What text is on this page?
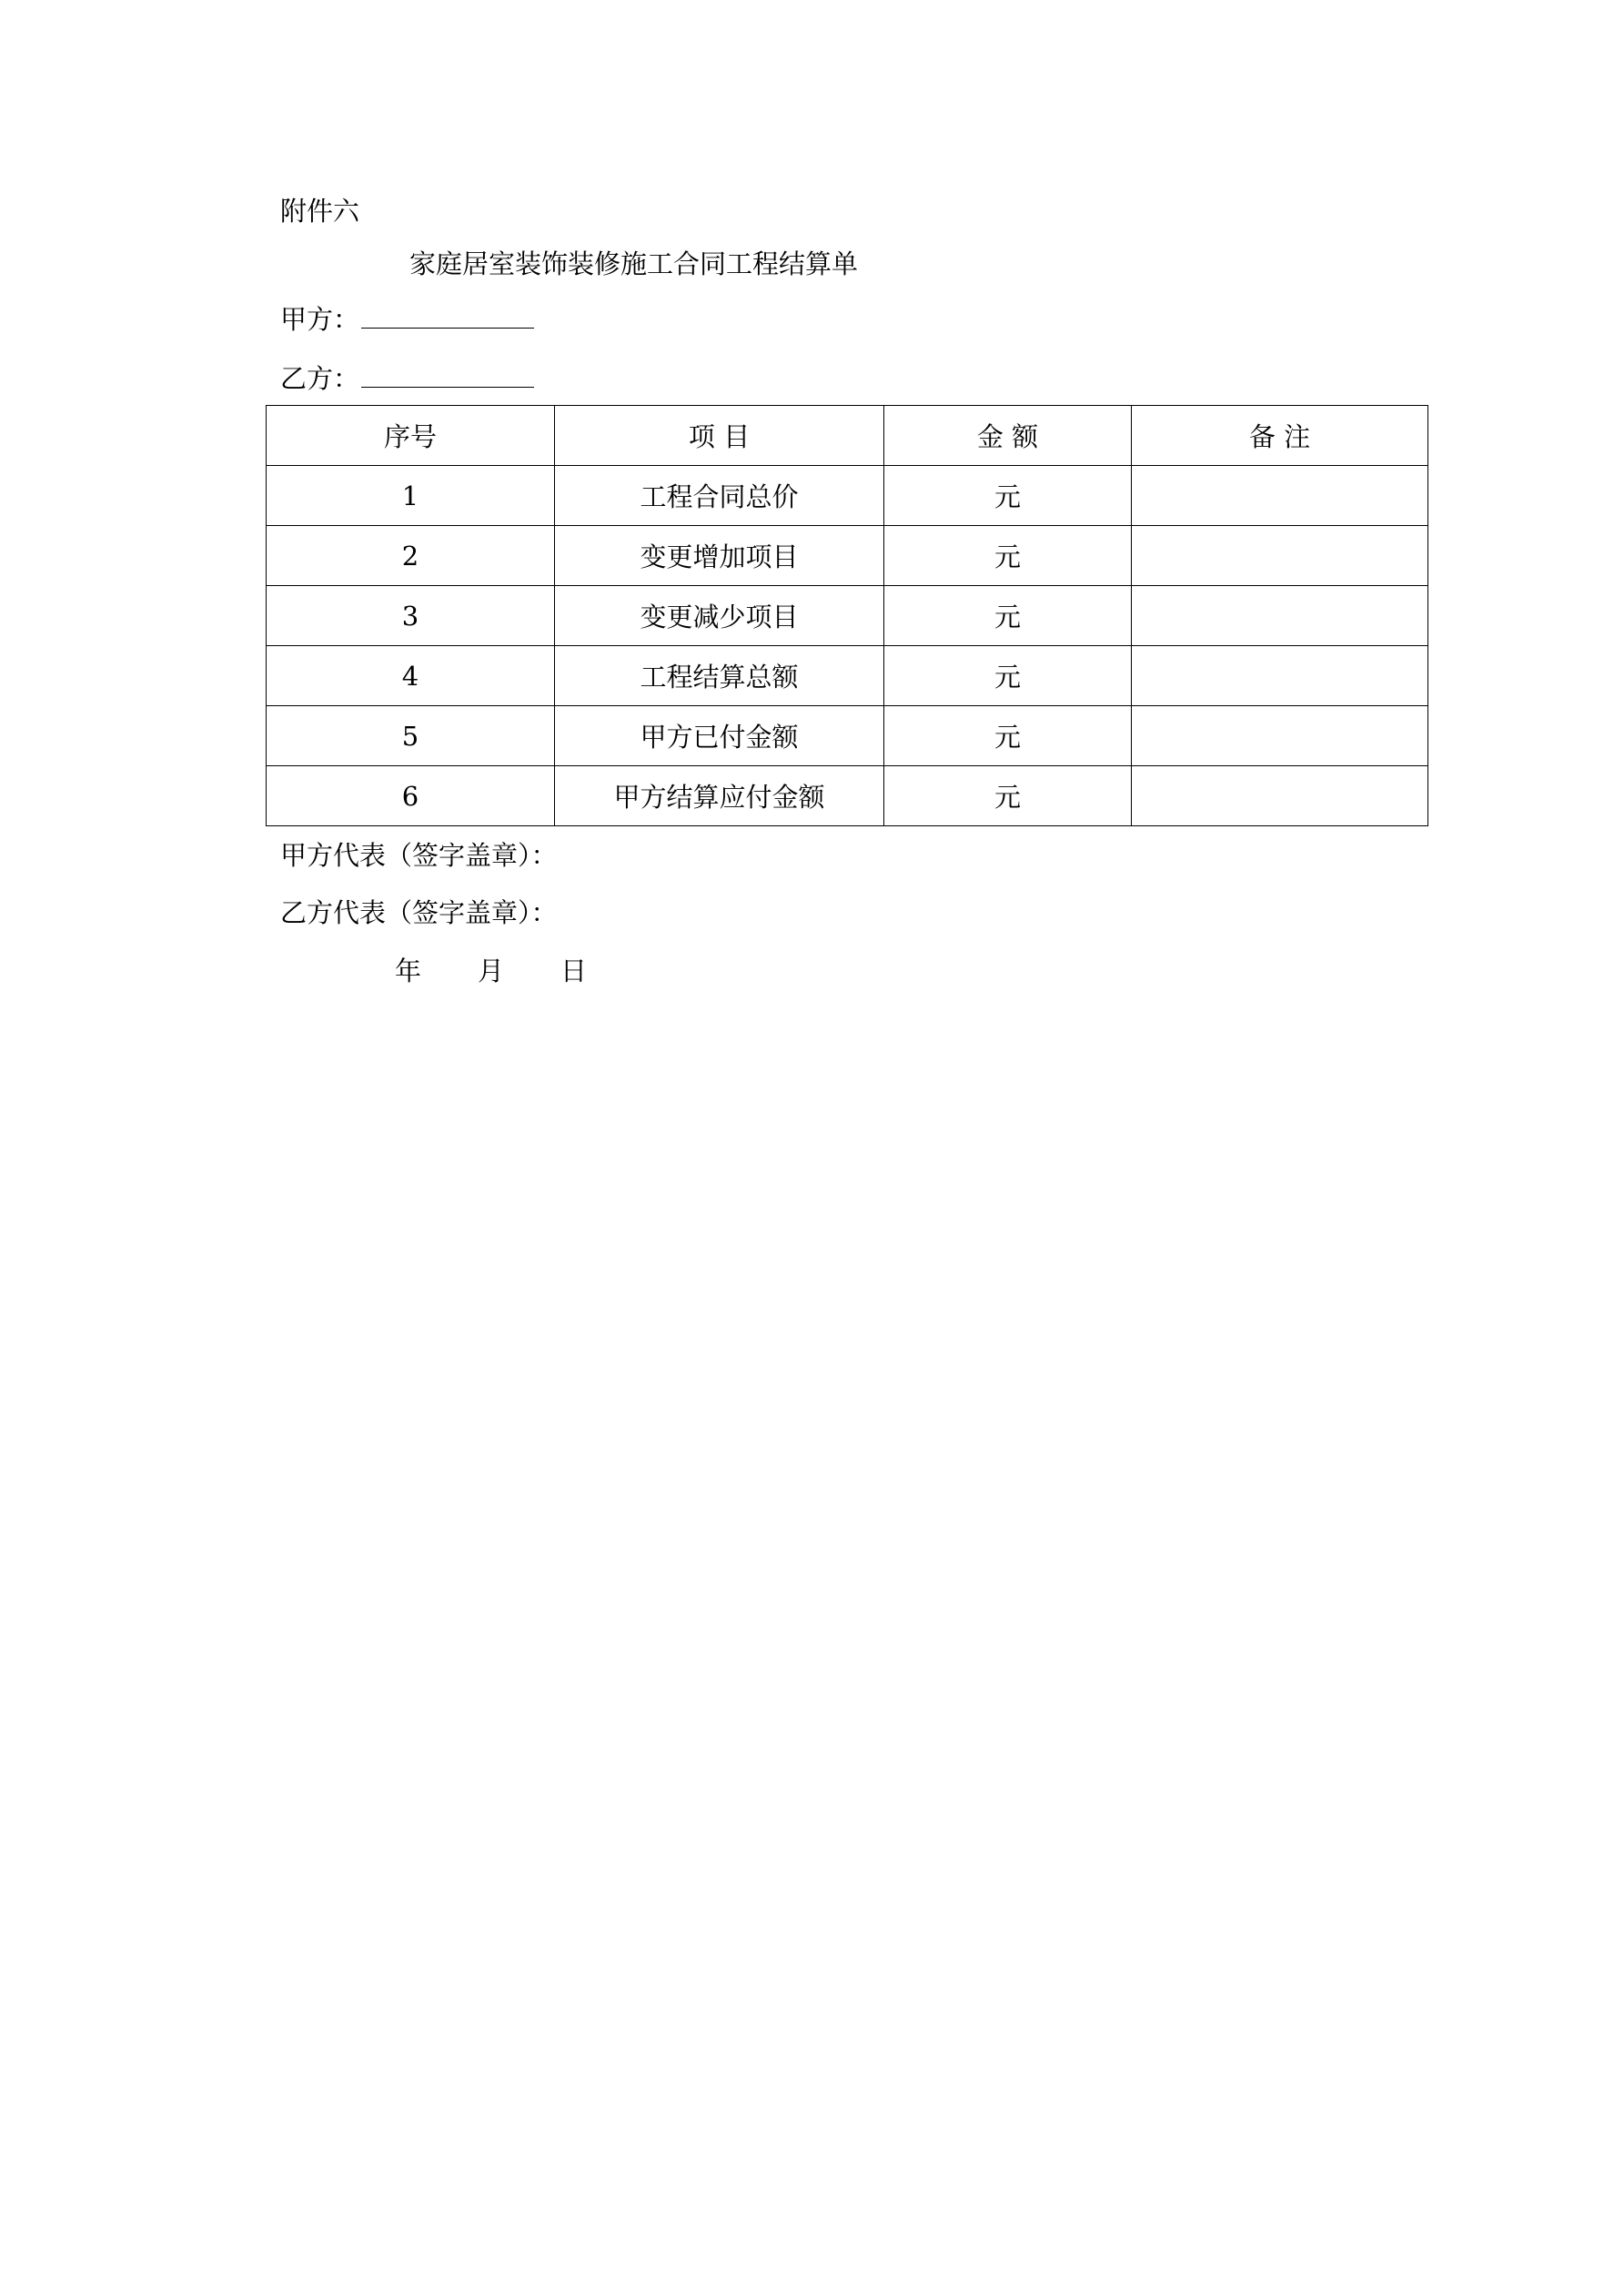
附件六
家庭居室装饰装修施工合同工程结算单
甲方：
乙方：
序号	项 目	金 额	备 注
1	工程合同总价	元	
2	变更增加项目	元	
3	变更减少项目	元	
4	工程结算总额	元	
5	甲方已付金额	元	
6	甲方结算应付金额	元	
甲方代表（签字盖章）：
乙方代表（签字盖章）：
年 月 日
